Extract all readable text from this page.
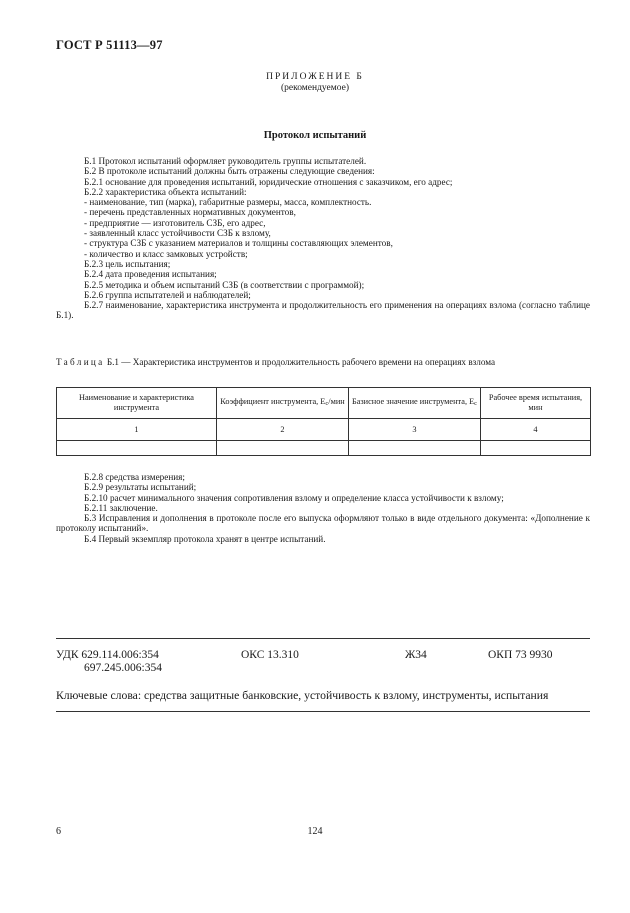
ГОСТ Р 51113—97
ПРИЛОЖЕНИЕ Б
(рекомендуемое)
Протокол испытаний

Б.1 Протокол испытаний оформляет руководитель группы испытателей.

Б.2 В протоколе испытаний должны быть отражены следующие сведения:

Б.2.1 основание для проведения испытаний, юридические отношения с заказчиком, его адрес;

Б.2.2 характеристика объекта испытаний:

- наименование, тип (марка), габаритные размеры, масса, комплектность.

- перечень представленных нормативных документов,

- предприятие — изготовитель СЗБ, его адрес,

- заявленный класс устойчивости СЗБ к взлому,

- структура СЗБ с указанием материалов и толщины составляющих элементов,

- количество и класс замковых устройств;

Б.2.3 цель испытания;

Б.2.4 дата проведения испытания;

Б.2.5 методика и объем испытаний СЗБ (в соответствии с программой);

Б.2.6 группа испытателей и наблюдателей;

Б.2.7 наименование, характеристика инструмента и продолжительность его применения на операциях взлома (согласно таблице Б.1).

Таблица Б.1 — Характеристика инструментов и продолжительность рабочего времени на операциях взлома
Наименование и характеристика инструмента	Коэффициент инструмента, $E_c$/мин	Базисное значение инструмента, $E_c$	Рабочее время испытания, мин
1	2	3	4

Б.2.8 средства измерения;

Б.2.9 результаты испытаний;

Б.2.10 расчет минимального значения сопротивления взлому и определение класса устойчивости к взлому;

Б.2.11 заключение.

Б.3 Исправления и дополнения в протоколе после его выпуска оформляют только в виде отдельного документа: «Дополнение к протоколу испытаний».

Б.4 Первый экземпляр протокола хранят в центре испытаний.

УДК 629.114.006:354
697.245.006:354
ОКС 13.310	Ж34	ОКП 73 9930
Ключевые слова: средства защитные банковские, устойчивость к взлому, инструменты, испытания
6	124
